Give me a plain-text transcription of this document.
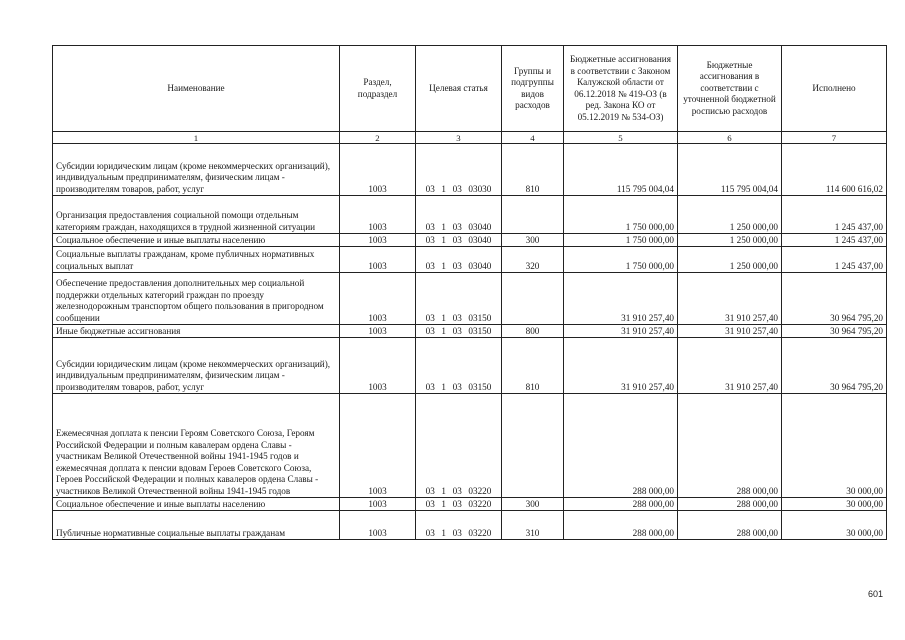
Наименование	Раздел, подраздел	Целевая статья	Группы и подгруппы видов расходов	Бюджетные ассигнования в соответствии с Законом Калужской области от 06.12.2018 № 419-ОЗ (в ред. Закона КО от 05.12.2019 № 534-ОЗ)	Бюджетные ассигнования в соответствии с уточненной бюджетной росписью расходов	Исполнено
1	2	3	4	5	6	7
Субсидии юридическим лицам (кроме некоммерческих организаций), индивидуальным предпринимателям, физическим лицам - производителям товаров, работ, услуг	1003	03  1  03  03030	810	115 795 004,04	115 795 004,04	114 600 616,02
Организация предоставления социальной помощи отдельным категориям граждан, находящихся в трудной жизненной ситуации	1003	03  1  03  03040		1 750 000,00	1 250 000,00	1 245 437,00
Социальное обеспечение и иные выплаты населению	1003	03  1  03  03040	300	1 750 000,00	1 250 000,00	1 245 437,00
Социальные выплаты гражданам, кроме публичных нормативных социальных выплат	1003	03  1  03  03040	320	1 750 000,00	1 250 000,00	1 245 437,00
Обеспечение предоставления дополнительных мер социальной поддержки отдельных категорий граждан по проезду железнодорожным транспортом общего пользования в пригородном сообщении	1003	03  1  03  03150		31 910 257,40	31 910 257,40	30 964 795,20
Иные бюджетные ассигнования	1003	03  1  03  03150	800	31 910 257,40	31 910 257,40	30 964 795,20
Субсидии юридическим лицам (кроме некоммерческих организаций), индивидуальным предпринимателям, физическим лицам - производителям товаров, работ, услуг	1003	03  1  03  03150	810	31 910 257,40	31 910 257,40	30 964 795,20
Ежемесячная доплата к пенсии Героям Советского Союза, Героям Российской Федерации и полным кавалерам ордена Славы - участникам Великой Отечественной войны 1941-1945 годов и ежемесячная доплата к пенсии вдовам Героев Советского Союза, Героев Российской Федерации и полных кавалеров ордена Славы - участников Великой Отечественной войны 1941-1945 годов	1003	03  1  03  03220		288 000,00	288 000,00	30 000,00
Социальное обеспечение и иные выплаты населению	1003	03  1  03  03220	300	288 000,00	288 000,00	30 000,00
Публичные нормативные социальные выплаты гражданам	1003	03  1  03  03220	310	288 000,00	288 000,00	30 000,00
601
